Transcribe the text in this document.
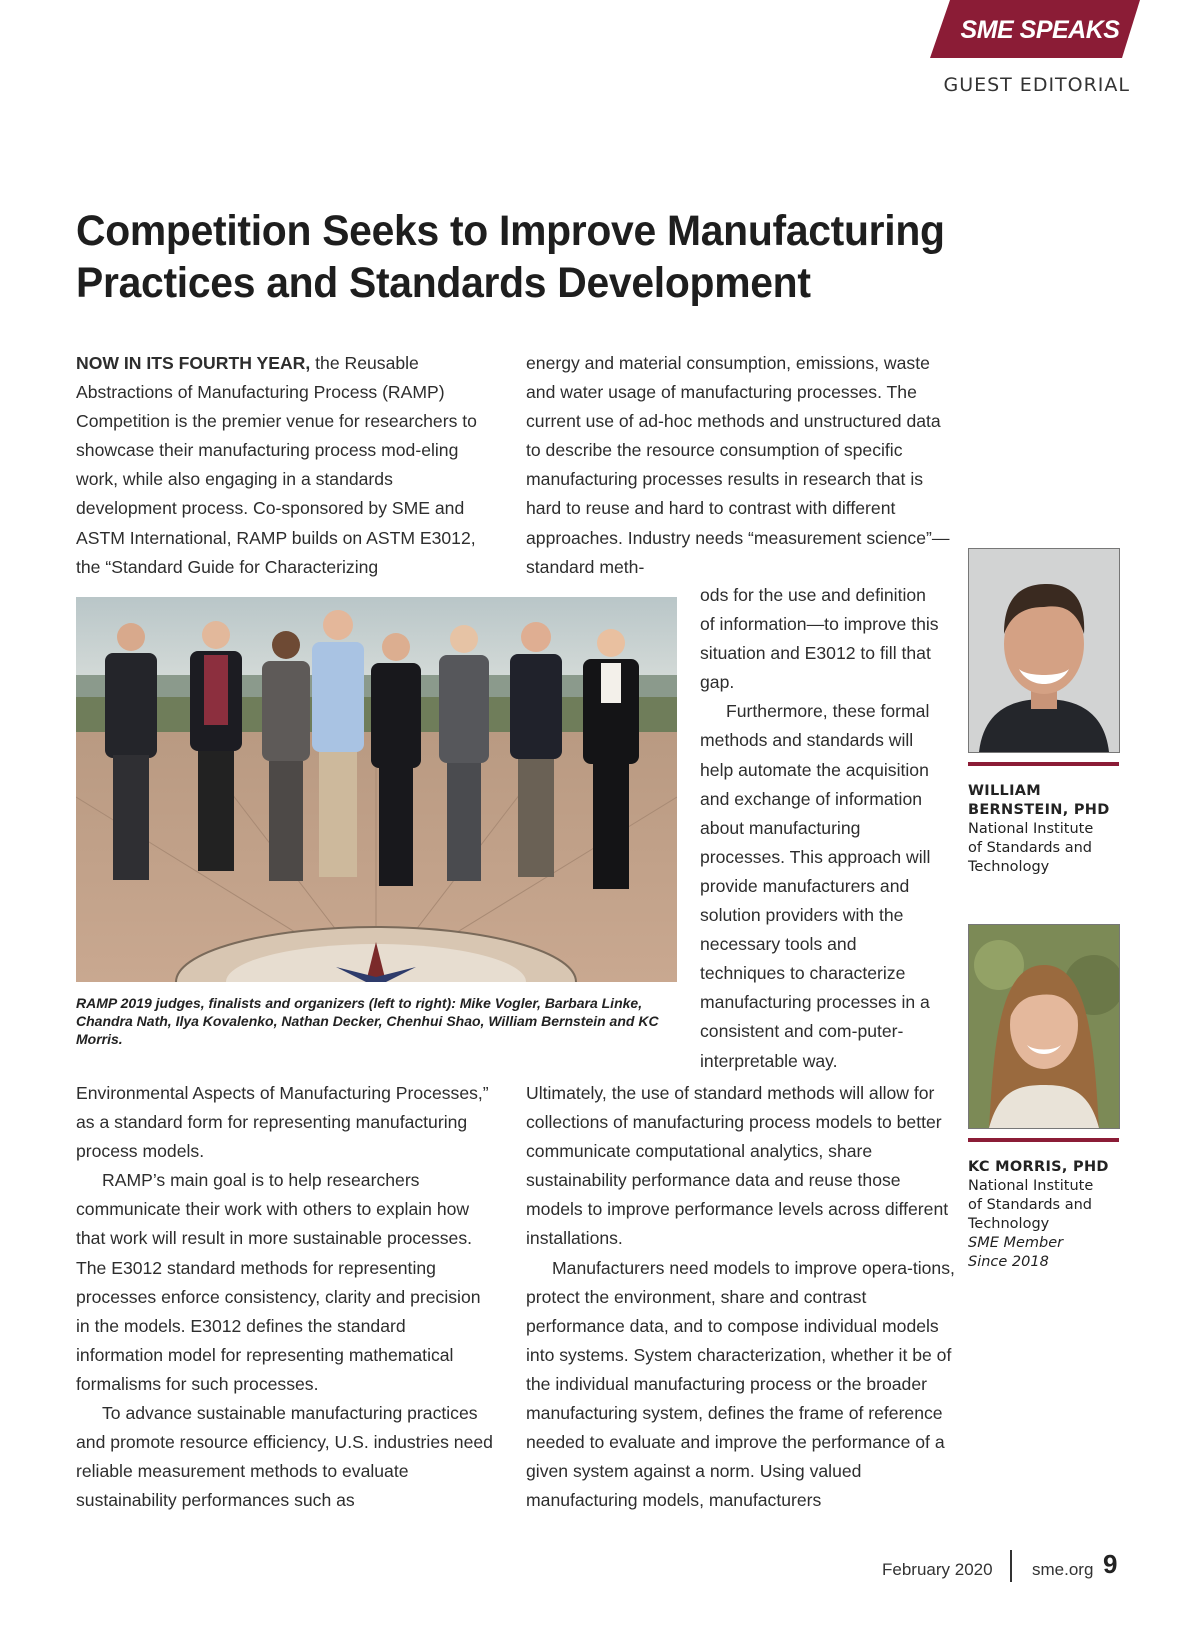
SME SPEAKS
GUEST EDITORIAL
Competition Seeks to Improve Manufacturing Practices and Standards Development

NOW IN ITS FOURTH YEAR, the Reusable Abstractions of Manufacturing Process (RAMP) Competition is the premier venue for researchers to showcase their manufacturing process mod-eling work, while also engaging in a standards development process. Co-sponsored by SME and ASTM International, RAMP builds on ASTM E3012, the “Standard Guide for Characterizing

RAMP 2019 judges, finalists and organizers (left to right): Mike Vogler, Barbara Linke, Chandra Nath, Ilya Kovalenko, Nathan Decker, Chenhui Shao, William Bernstein and KC Morris.

Environmental Aspects of Manufacturing Processes,” as a standard form for representing manufacturing process models.

RAMP’s main goal is to help researchers communicate their work with others to explain how that work will result in more sustainable processes. The E3012 standard methods for representing processes enforce consistency, clarity and precision in the models. E3012 defines the standard information model for representing mathematical formalisms for such processes.

To advance sustainable manufacturing practices and promote resource efficiency, U.S. industries need reliable measurement methods to evaluate sustainability performances such as

energy and material consumption, emissions, waste and water usage of manufacturing processes. The current use of ad-hoc methods and unstructured data to describe the resource consumption of specific manufacturing processes results in research that is hard to reuse and hard to contrast with different approaches. Industry needs “measurement science”—standard meth-

ods for the use and definition of information—to improve this situation and E3012 to fill that gap.

Furthermore, these formal methods and standards will help automate the acquisition and exchange of information about manufacturing processes. This approach will provide manufacturers and solution providers with the necessary tools and techniques to characterize manufacturing processes in a consistent and com-puter-interpretable way.

Ultimately, the use of standard methods will allow for collections of manufacturing process models to better communicate computational analytics, share sustainability performance data and reuse those models to improve performance levels across different installations.

Manufacturers need models to improve opera-tions, protect the environment, share and contrast performance data, and to compose individual models into systems. System characterization, whether it be of the individual manufacturing process or the broader manufacturing system, defines the frame of reference needed to evaluate and improve the performance of a given system against a norm. Using valued manufacturing models, manufacturers

WILLIAM
BERNSTEIN, PHD
National Institute
of Standards and
Technology
KC MORRIS, PHD
National Institute
of Standards and
Technology
SME Member
Since 2018
February 2020 sme.org 9
